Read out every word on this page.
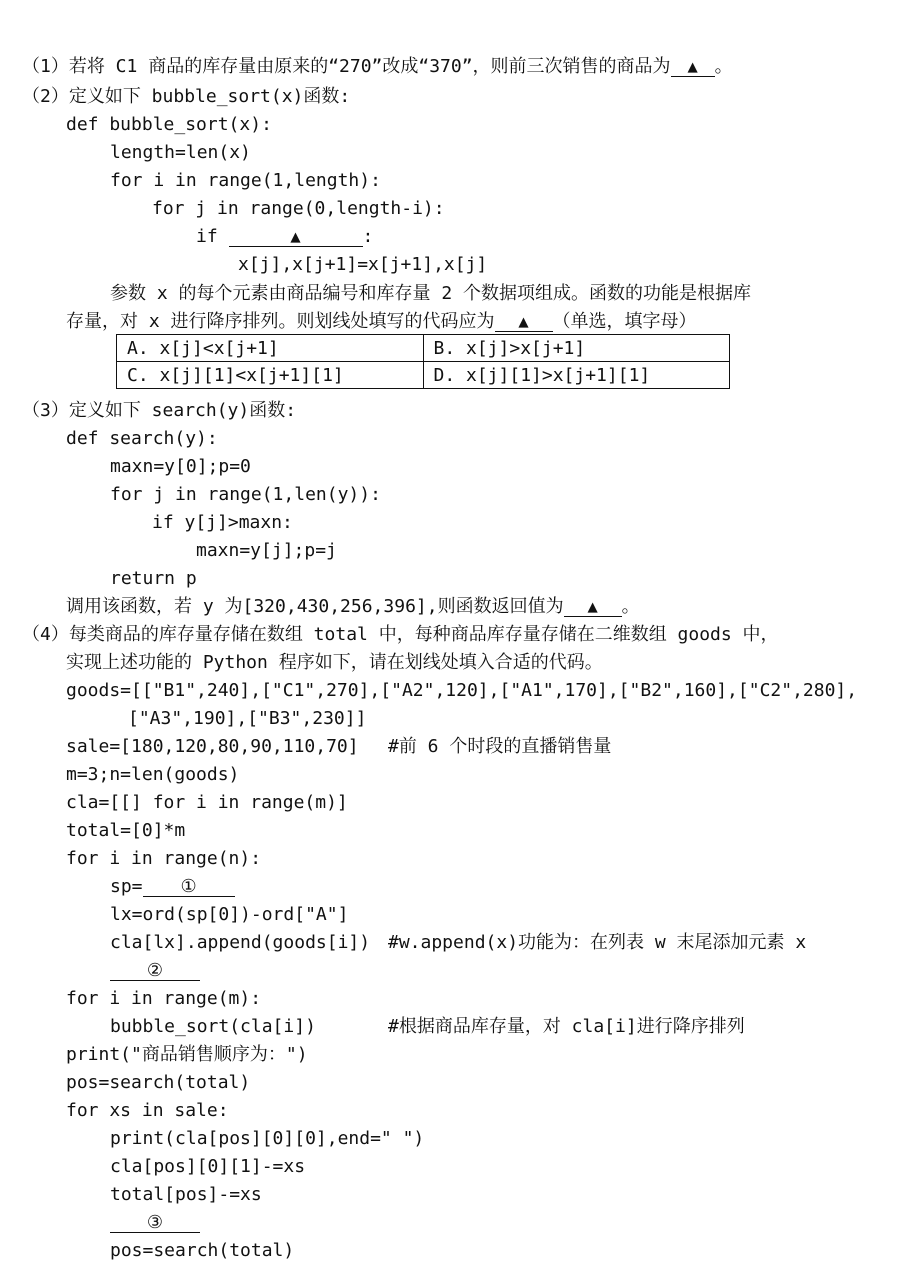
（1）若将 C1 商品的库存量由原来的“270”改成“370”，则前三次销售的商品为 ▲ 。
（2）定义如下 bubble_sort(x)函数:
def bubble_sort(x):
length=len(x)
for i in range(1,length):
for j in range(0,length-i):
if	▲	:
x[j],x[j+1]=x[j+1],x[j]
参数 x 的每个元素由商品编号和库存量 2 个数据项组成。函数的功能是根据库
存量，对 x 进行降序排列。则划线处填写的代码应为 ▲ （单选，填字母）
A. x[j]<x[j+1]	B. x[j]>x[j+1]
C. x[j][1]<x[j+1][1]	D. x[j][1]>x[j+1][1]
（3）定义如下 search(y)函数:
def search(y):
maxn=y[0];p=0
for j in range(1,len(y)):
if y[j]>maxn:
maxn=y[j];p=j
return p
调用该函数，若 y 为[320,430,256,396],则函数返回值为 ▲ 。
（4）每类商品的库存量存储在数组 total 中，每种商品库存量存储在二维数组 goods 中，
实现上述功能的 Python 程序如下，请在划线处填入合适的代码。
goods=[["B1",240],["C1",270],["A2",120],["A1",170],["B2",160],["C2",280],
["A3",190],["B3",230]]
sale=[180,120,80,90,110,70] #前 6 个时段的直播销售量
m=3;n=len(goods)
cla=[[] for i in range(m)]
total=[0]*m
for i in range(n):
sp= ①
lx=ord(sp[0])-ord["A"]
cla[lx].append(goods[i]) #w.append(x)功能为：在列表 w 末尾添加元素 x
②
for i in range(m):
bubble_sort(cla[i])	#根据商品库存量，对 cla[i]进行降序排列
print("商品销售顺序为：")
pos=search(total)
for xs in sale:
print(cla[pos][0][0],end=" ")
cla[pos][0][1]-=xs
total[pos]-=xs
③
pos=search(total)
